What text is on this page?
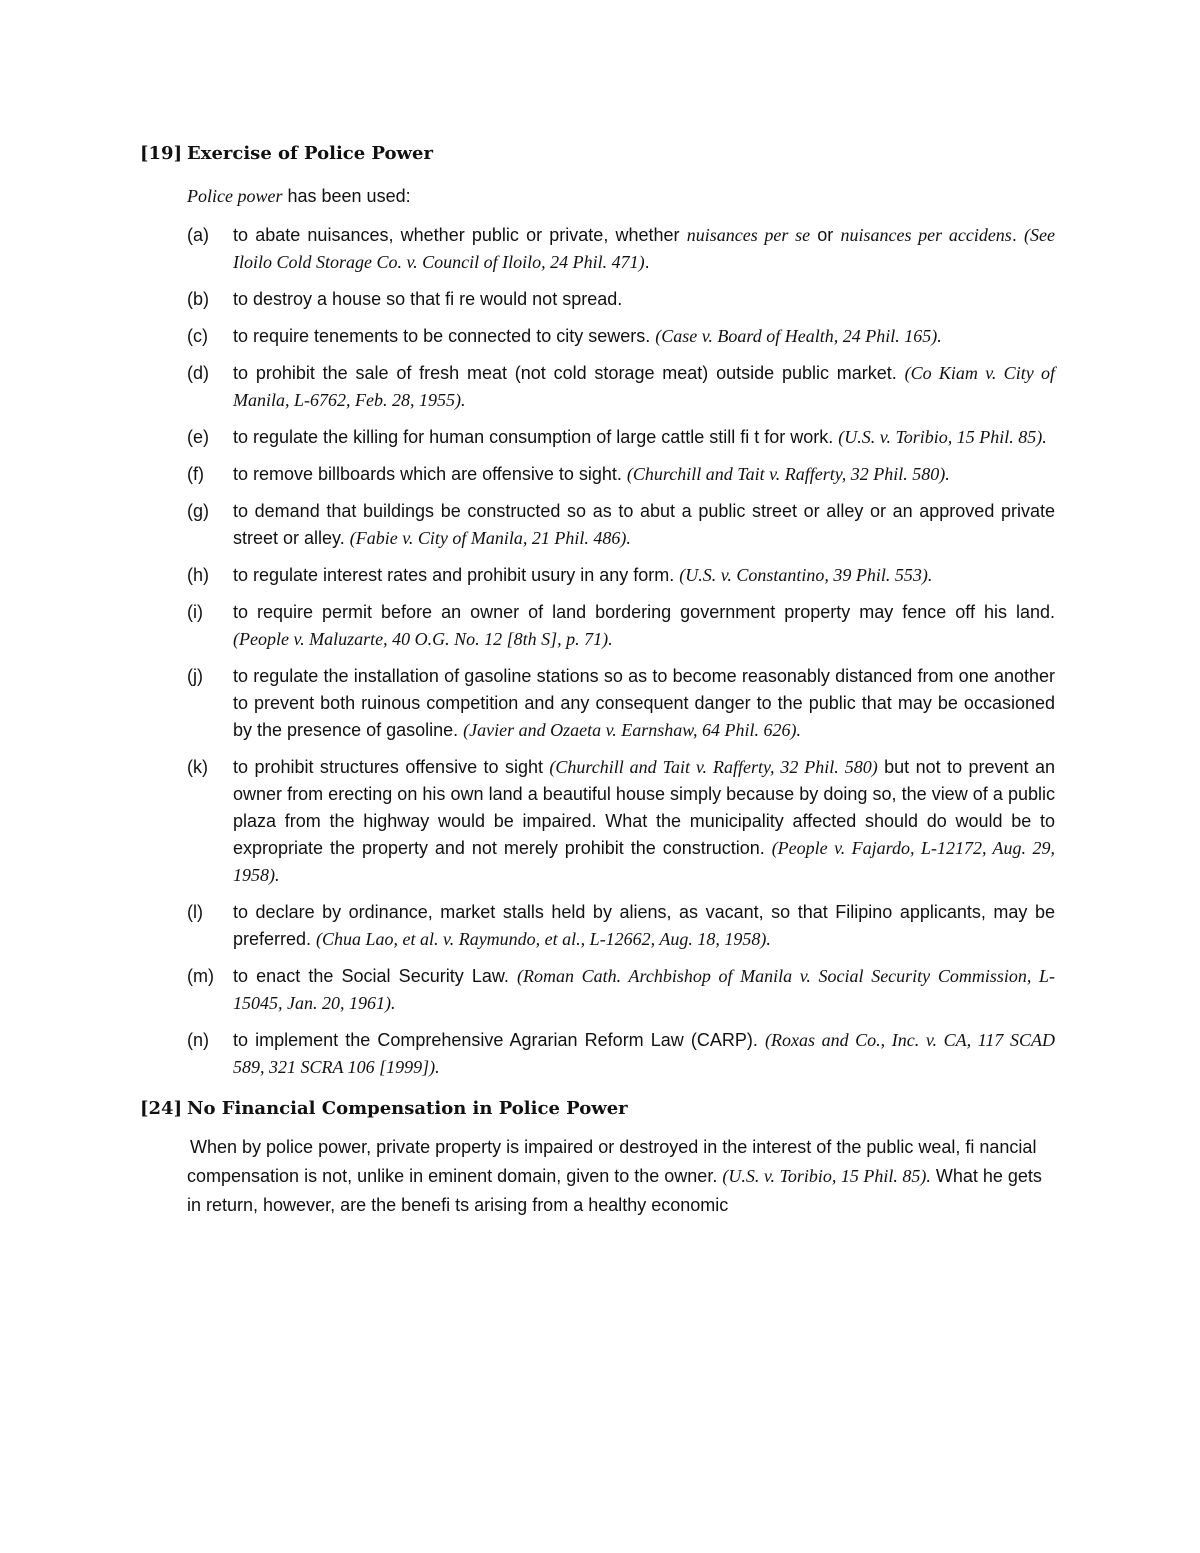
[19] Exercise of Police Power

Police power has been used:

(a)	to abate nuisances, whether public or private, whether nuisances per se or nuisances per accidens. (See Iloilo Cold Storage Co. v. Council of Iloilo, 24 Phil. 471).
(b)	to destroy a house so that fi re would not spread.
(c)	to require tenements to be connected to city sewers. (Case v. Board of Health, 24 Phil. 165).
(d)	to prohibit the sale of fresh meat (not cold storage meat) outside public market. (Co Kiam v. City of Manila, L-6762, Feb. 28, 1955).
(e)	to regulate the killing for human consumption of large cattle still fi t for work. (U.S. v. Toribio, 15 Phil. 85).
(f)	to remove billboards which are offensive to sight. (Churchill and Tait v. Rafferty, 32 Phil. 580).
(g)	to demand that buildings be constructed so as to abut a public street or alley or an approved private street or alley. (Fabie v. City of Manila, 21 Phil. 486).
(h)	to regulate interest rates and prohibit usury in any form. (U.S. v. Constantino, 39 Phil. 553).
(i)	to require permit before an owner of land bordering government property may fence off his land. (People v. Maluzarte, 40 O.G. No. 12 [8th S], p. 71).
(j)	to regulate the installation of gasoline stations so as to become reasonably distanced from one another to prevent both ruinous competition and any consequent danger to the public that may be occasioned by the presence of gasoline. (Javier and Ozaeta v. Earnshaw, 64 Phil. 626).
(k)	to prohibit structures offensive to sight (Churchill and Tait v. Rafferty, 32 Phil. 580) but not to prevent an owner from erecting on his own land a beautiful house simply because by doing so, the view of a public plaza from the highway would be impaired. What the municipality affected should do would be to expropriate the property and not merely prohibit the construction. (People v. Fajardo, L-12172, Aug. 29, 1958).
(l)	to declare by ordinance, market stalls held by aliens, as vacant, so that Filipino applicants, may be preferred. (Chua Lao, et al. v. Raymundo, et al., L-12662, Aug. 18, 1958).
(m)	to enact the Social Security Law. (Roman Cath. Archbishop of Manila v. Social Security Commission, L-15045, Jan. 20, 1961).
(n)	to implement the Comprehensive Agrarian Reform Law (CARP). (Roxas and Co., Inc. v. CA, 117 SCAD 589, 321 SCRA 106 [1999]).
[24] No Financial Compensation in Police Power

When by police power, private property is impaired or destroyed in the interest of the public weal, fi nancial compensation is not, unlike in eminent domain, given to the owner. (U.S. v. Toribio, 15 Phil. 85). What he gets in return, however, are the benefi ts arising from a healthy economic
